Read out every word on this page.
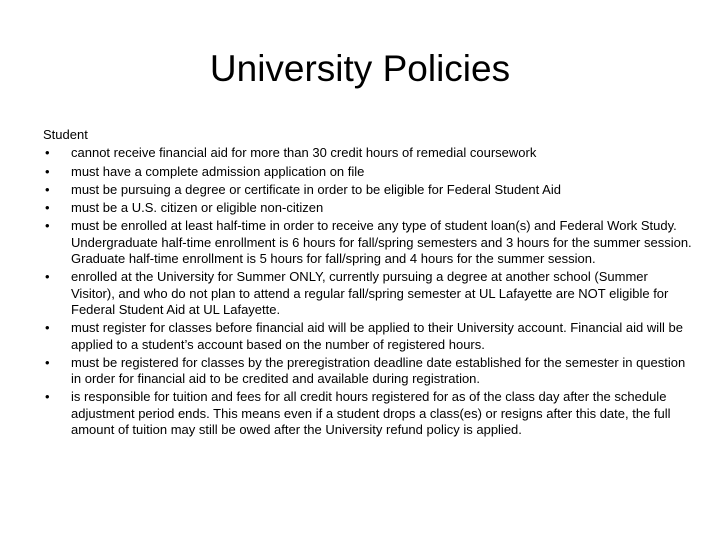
University Policies
Student
• cannot receive financial aid for more than 30 credit hours of remedial coursework
• must have a complete admission application on file
• must be pursuing a degree or certificate in order to be eligible for Federal Student Aid
• must be a U.S. citizen or eligible non-citizen
• must be enrolled at least half-time in order to receive any type of student loan(s) and Federal Work Study. Undergraduate half-time enrollment is 6 hours for fall/spring semesters and 3 hours for the summer session. Graduate half-time enrollment is 5 hours for fall/spring and 4 hours for the summer session.
• enrolled at the University for Summer ONLY, currently pursuing a degree at another school (Summer Visitor), and who do not plan to attend a regular fall/spring semester at UL Lafayette are NOT eligible for Federal Student Aid at UL Lafayette.
• must register for classes before financial aid will be applied to their University account. Financial aid will be applied to a student’s account based on the number of registered hours.
• must be registered for classes by the preregistration deadline date established for the semester in question in order for financial aid to be credited and available during registration.
• is responsible for tuition and fees for all credit hours registered for as of the class day after the schedule adjustment period ends. This means even if a student drops a class(es) or resigns after this date, the full amount of tuition may still be owed after the University refund policy is applied.
